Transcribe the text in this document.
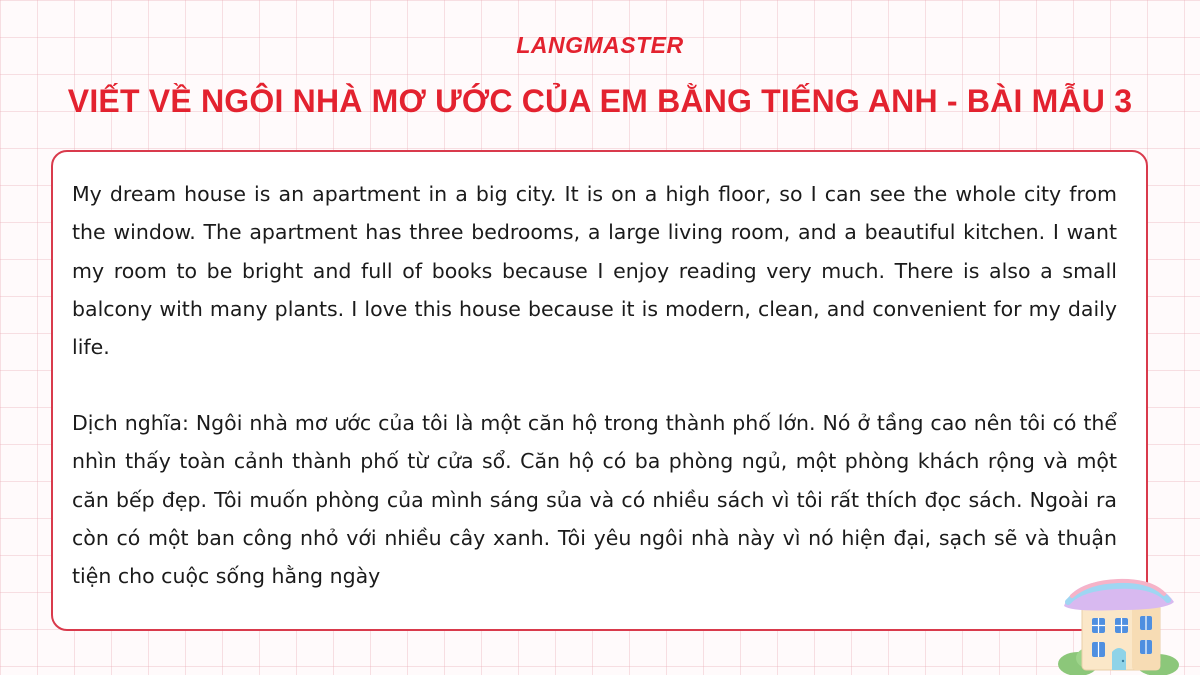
LANGMASTER
VIẾT VỀ NGÔI NHÀ MƠ ƯỚC CỦA EM BẰNG TIẾNG ANH - BÀI MẪU 3

My dream house is an apartment in a big city. It is on a high floor, so I can see the whole city from the window. The apartment has three bedrooms, a large living room, and a beautiful kitchen. I want my room to be bright and full of books because I enjoy reading very much. There is also a small balcony with many plants. I love this house because it is modern, clean, and convenient for my daily life.

Dịch nghĩa: Ngôi nhà mơ ước của tôi là một căn hộ trong thành phố lớn. Nó ở tầng cao nên tôi có thể nhìn thấy toàn cảnh thành phố từ cửa sổ. Căn hộ có ba phòng ngủ, một phòng khách rộng và một căn bếp đẹp. Tôi muốn phòng của mình sáng sủa và có nhiều sách vì tôi rất thích đọc sách. Ngoài ra còn có một ban công nhỏ với nhiều cây xanh. Tôi yêu ngôi nhà này vì nó hiện đại, sạch sẽ và thuận tiện cho cuộc sống hằng ngày
